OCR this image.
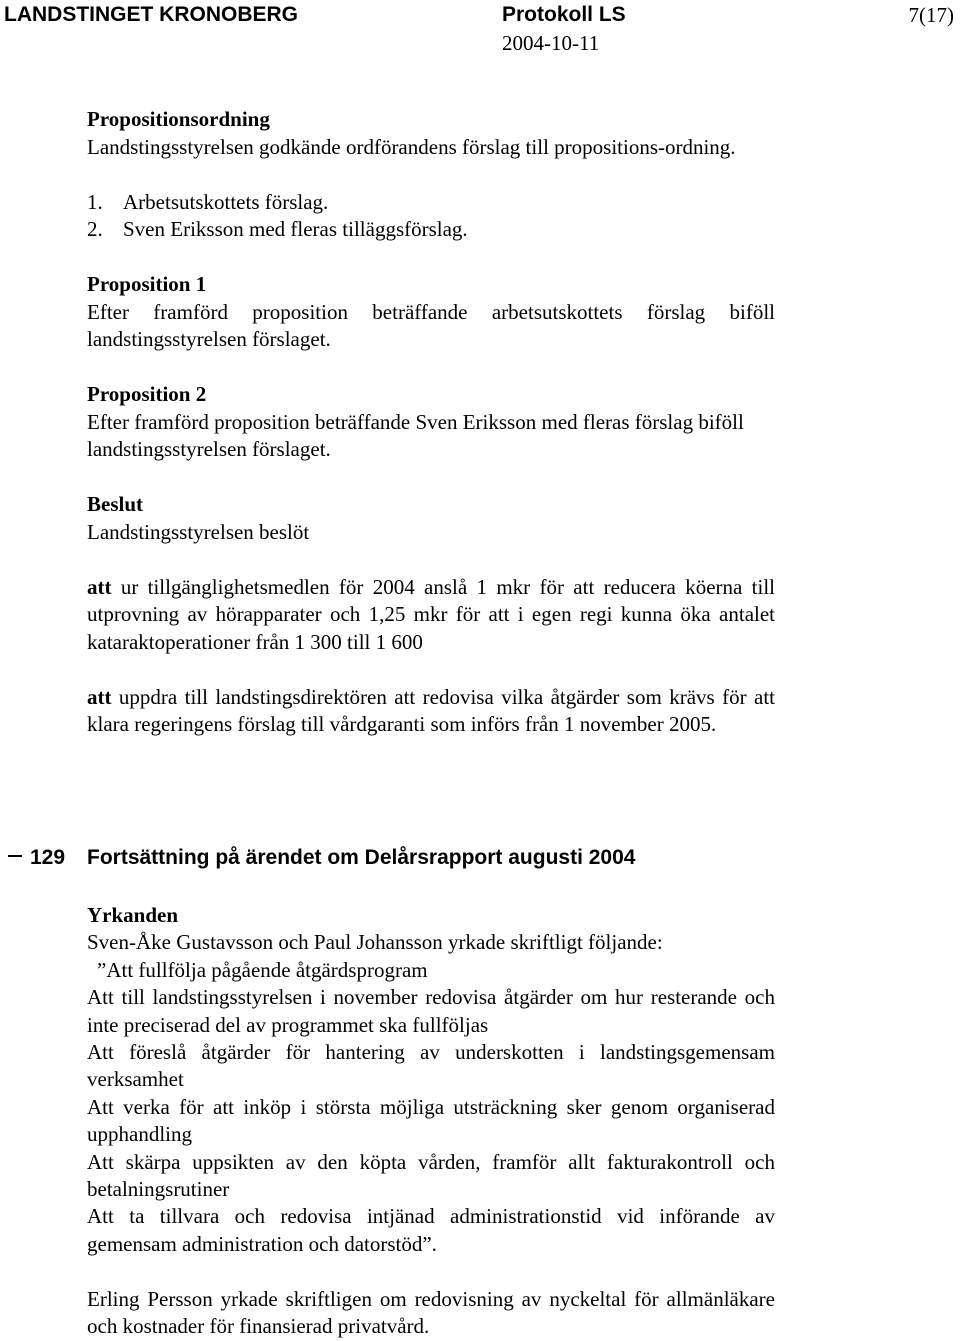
LANDSTINGET KRONOBERG	Protokoll LS
2004-10-11
7(17)

Propositionsordning

Landstingsstyrelsen godkände ordförandens förslag till propositions-ordning.

1. Arbetsutskottets förslag.
2. Sven Eriksson med fleras tilläggsförslag.

Proposition 1

Efter framförd proposition beträffande arbetsutskottets förslag biföll landstingsstyrelsen förslaget.

Proposition 2

Efter framförd proposition beträffande Sven Eriksson med fleras förslag biföll landstingsstyrelsen förslaget.

Beslut

Landstingsstyrelsen beslöt

att ur tillgänglighetsmedlen för 2004 anslå 1 mkr för att reducera köerna till utprovning av hörapparater och 1,25 mkr för att i egen regi kunna öka antalet kataraktoperationer från 1 300 till 1 600

att uppdra till landstingsdirektören att redovisa vilka åtgärder som krävs för att klara regeringens förslag till vårdgaranti som införs från 1 november 2005.

129 Fortsättning på ärendet om Delårsrapport augusti 2004

Yrkanden

Sven-Åke Gustavsson och Paul Johansson yrkade skriftligt följande:

”Att fullfölja pågående åtgärdsprogram

Att till landstingsstyrelsen i november redovisa åtgärder om hur resterande och inte preciserad del av programmet ska fullföljas

Att föreslå åtgärder för hantering av underskotten i landstingsgemensam verksamhet

Att verka för att inköp i största möjliga utsträckning sker genom organiserad upphandling

Att skärpa uppsikten av den köpta vården, framför allt fakturakontroll och betalningsrutiner

Att ta tillvara och redovisa intjänad administrationstid vid införande av gemensam administration och datorstöd”.

Erling Persson yrkade skriftligen om redovisning av nyckeltal för allmänläkare och kostnader för finansierad privatvård.
